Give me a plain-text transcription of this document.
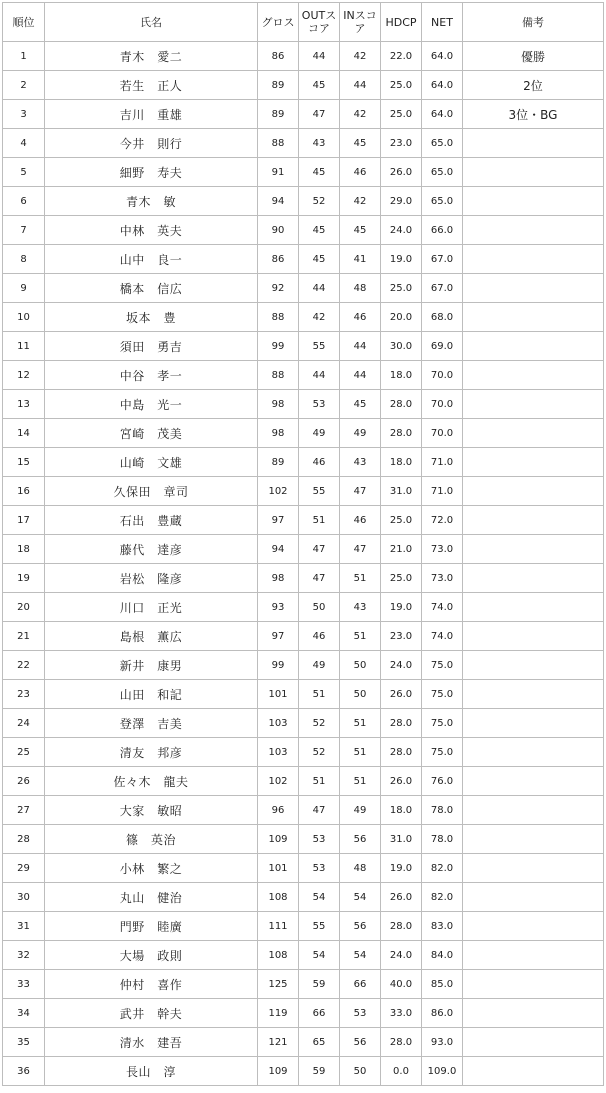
順位	氏名	グロス	OUTスコア	INスコア	HDCP	NET	備考
1	青木　愛二	86	44	42	22.0	64.0	優勝
2	若生　正人	89	45	44	25.0	64.0	2位
3	吉川　重雄	89	47	42	25.0	64.0	3位・BG
4	今井　則行	88	43	45	23.0	65.0	
5	細野　寿夫	91	45	46	26.0	65.0	
6	青木　敏	94	52	42	29.0	65.0	
7	中林　英夫	90	45	45	24.0	66.0	
8	山中　良一	86	45	41	19.0	67.0	
9	橋本　信広	92	44	48	25.0	67.0	
10	坂本　豊	88	42	46	20.0	68.0	
11	須田　勇吉	99	55	44	30.0	69.0	
12	中谷　孝一	88	44	44	18.0	70.0	
13	中島　光一	98	53	45	28.0	70.0	
14	宮崎　茂美	98	49	49	28.0	70.0	
15	山崎　文雄	89	46	43	18.0	71.0	
16	久保田　章司	102	55	47	31.0	71.0	
17	石出　豊蔵	97	51	46	25.0	72.0	
18	藤代　達彦	94	47	47	21.0	73.0	
19	岩松　隆彦	98	47	51	25.0	73.0	
20	川口　正光	93	50	43	19.0	74.0	
21	島根　薫広	97	46	51	23.0	74.0	
22	新井　康男	99	49	50	24.0	75.0	
23	山田　和記	101	51	50	26.0	75.0	
24	登澤　吉美	103	52	51	28.0	75.0	
25	清友　邦彦	103	52	51	28.0	75.0	
26	佐々木　龍夫	102	51	51	26.0	76.0	
27	大家　敏昭	96	47	49	18.0	78.0	
28	篠　英治	109	53	56	31.0	78.0	
29	小林　繁之	101	53	48	19.0	82.0	
30	丸山　健治	108	54	54	26.0	82.0	
31	門野　睦廣	111	55	56	28.0	83.0	
32	大場　政則	108	54	54	24.0	84.0	
33	仲村　喜作	125	59	66	40.0	85.0	
34	武井　幹夫	119	66	53	33.0	86.0	
35	清水　建吾	121	65	56	28.0	93.0	
36	長山　淳	109	59	50	0.0	109.0	
